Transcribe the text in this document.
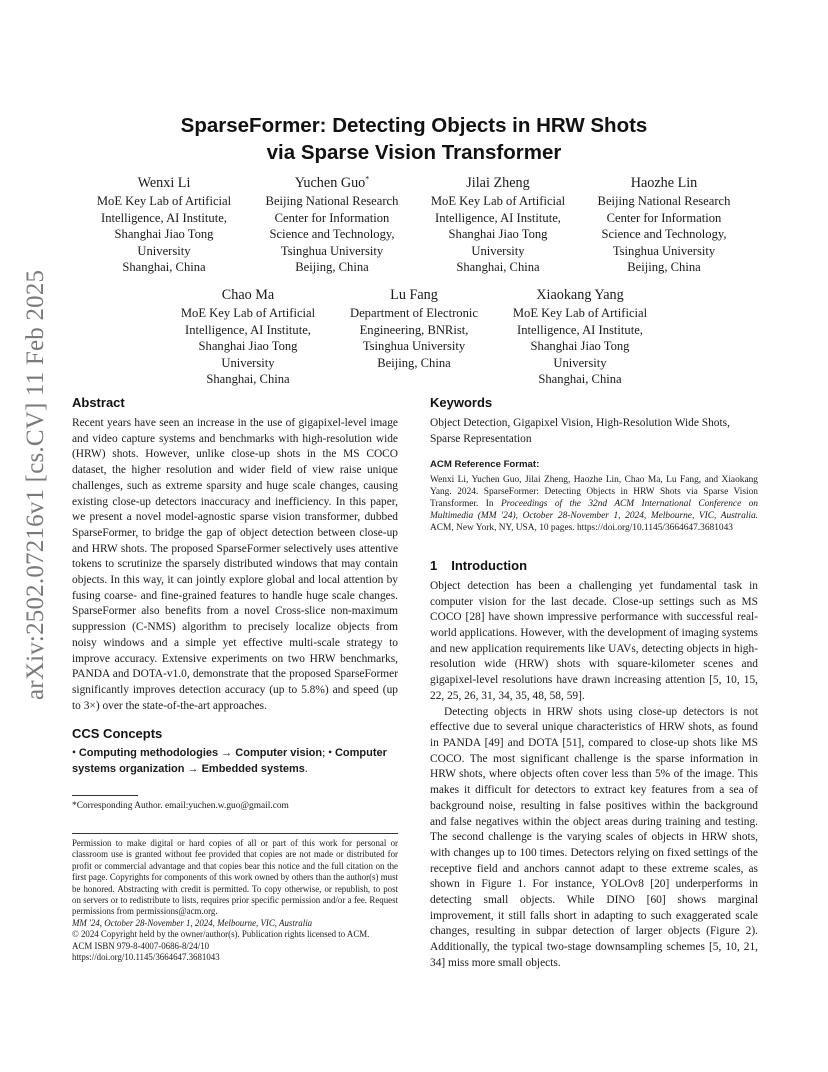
SparseFormer: Detecting Objects in HRW Shots
via Sparse Vision Transformer
Wenxi Li
MoE Key Lab of Artificial
Intelligence, AI Institute,
Shanghai Jiao Tong
University
Shanghai, China
Yuchen Guo*
Beijing National Research
Center for Information
Science and Technology,
Tsinghua University
Beijing, China
Jilai Zheng
MoE Key Lab of Artificial
Intelligence, AI Institute,
Shanghai Jiao Tong
University
Shanghai, China
Haozhe Lin
Beijing National Research
Center for Information
Science and Technology,
Tsinghua University
Beijing, China
Chao Ma
MoE Key Lab of Artificial
Intelligence, AI Institute,
Shanghai Jiao Tong
University
Shanghai, China
Lu Fang
Department of Electronic
Engineering, BNRist,
Tsinghua University
Beijing, China
Xiaokang Yang
MoE Key Lab of Artificial
Intelligence, AI Institute,
Shanghai Jiao Tong
University
Shanghai, China
arXiv:2502.07216v1 [cs.CV] 11 Feb 2025 Abstract

Recent years have seen an increase in the use of gigapixel-level image and video capture systems and benchmarks with high-resolution wide (HRW) shots. However, unlike close-up shots in the MS COCO dataset, the higher resolution and wider field of view raise unique challenges, such as extreme sparsity and huge scale changes, causing existing close-up detectors inaccuracy and inefficiency. In this paper, we present a novel model-agnostic sparse vision transformer, dubbed SparseFormer, to bridge the gap of object detection between close-up and HRW shots. The proposed SparseFormer selectively uses attentive tokens to scrutinize the sparsely distributed windows that may contain objects. In this way, it can jointly explore global and local attention by fusing coarse- and fine-grained features to handle huge scale changes. SparseFormer also benefits from a novel Cross-slice non-maximum suppression (C-NMS) algorithm to precisely localize objects from noisy windows and a simple yet effective multi-scale strategy to improve accuracy. Extensive experiments on two HRW benchmarks, PANDA and DOTA-v1.0, demonstrate that the proposed SparseFormer significantly improves detection accuracy (up to 5.8%) and speed (up to 3×) over the state-of-the-art approaches.

CCS Concepts

• Computing methodologies → Computer vision; • Computer systems organization → Embedded systems.

*Corresponding Author. email:yuchen.w.guo@gmail.com
Permission to make digital or hard copies of all or part of this work for personal or classroom use is granted without fee provided that copies are not made or distributed for profit or commercial advantage and that copies bear this notice and the full citation on the first page. Copyrights for components of this work owned by others than the author(s) must be honored. Abstracting with credit is permitted. To copy otherwise, or republish, to post on servers or to redistribute to lists, requires prior specific permission and/or a fee. Request permissions from permissions@acm.org.
MM '24, October 28-November 1, 2024, Melbourne, VIC, Australia
© 2024 Copyright held by the owner/author(s). Publication rights licensed to ACM.
ACM ISBN 979-8-4007-0686-8/24/10
https://doi.org/10.1145/3664647.3681043
Keywords

Object Detection, Gigapixel Vision, High-Resolution Wide Shots, Sparse Representation

ACM Reference Format:
Wenxi Li, Yuchen Guo, Jilai Zheng, Haozhe Lin, Chao Ma, Lu Fang, and Xiaokang Yang. 2024. SparseFormer: Detecting Objects in HRW Shots via Sparse Vision Transformer. In Proceedings of the 32nd ACM International Conference on Multimedia (MM '24), October 28-November 1, 2024, Melbourne, VIC, Australia. ACM, New York, NY, USA, 10 pages. https://doi.org/10.1145/3664647.3681043
1 Introduction

Object detection has been a challenging yet fundamental task in computer vision for the last decade. Close-up settings such as MS COCO [28] have shown impressive performance with successful real-world applications. However, with the development of imaging systems and new application requirements like UAVs, detecting objects in high-resolution wide (HRW) shots with square-kilometer scenes and gigapixel-level resolutions have drawn increasing attention [5, 10, 15, 22, 25, 26, 31, 34, 35, 48, 58, 59].

Detecting objects in HRW shots using close-up detectors is not effective due to several unique characteristics of HRW shots, as found in PANDA [49] and DOTA [51], compared to close-up shots like MS COCO. The most significant challenge is the sparse information in HRW shots, where objects often cover less than 5% of the image. This makes it difficult for detectors to extract key features from a sea of background noise, resulting in false positives within the background and false negatives within the object areas during training and testing. The second challenge is the varying scales of objects in HRW shots, with changes up to 100 times. Detectors relying on fixed settings of the receptive field and anchors cannot adapt to these extreme scales, as shown in Figure 1. For instance, YOLOv8 [20] underperforms in detecting small objects. While DINO [60] shows marginal improvement, it still falls short in adapting to such exaggerated scale changes, resulting in subpar detection of larger objects (Figure 2). Additionally, the typical two-stage downsampling schemes [5, 10, 21, 34] miss more small objects.
